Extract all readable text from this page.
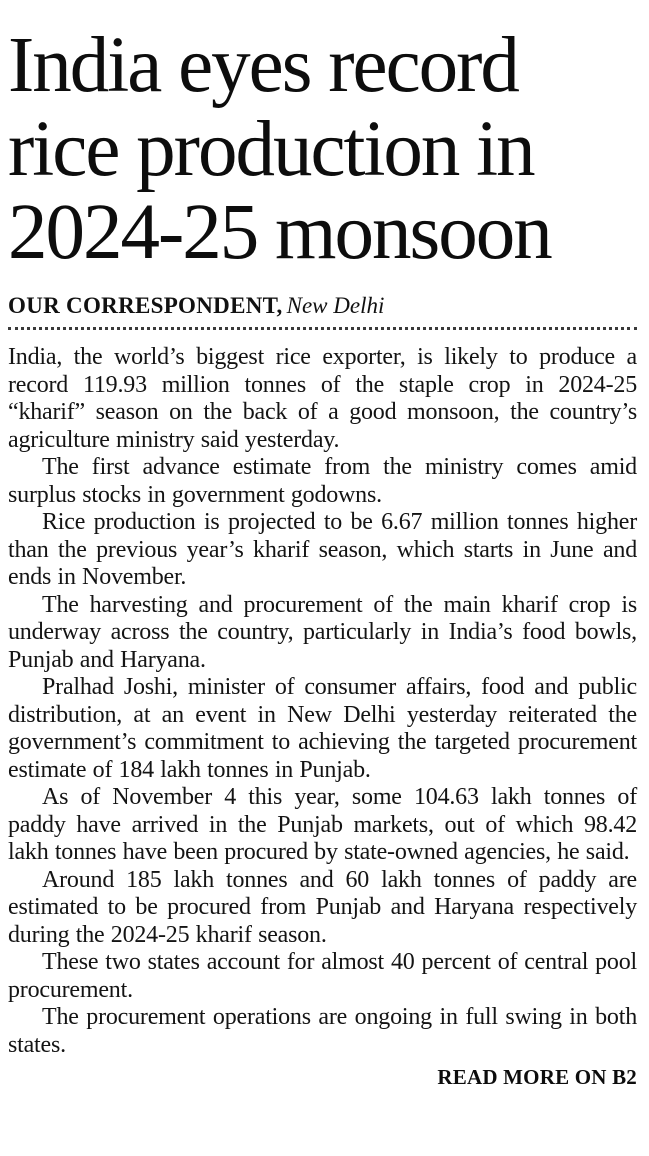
India eyes record rice production in 2024-25 monsoon
OUR CORRESPONDENT, New Delhi

India, the world’s biggest rice exporter, is likely to produce a record 119.93 million tonnes of the staple crop in 2024-25 “kharif” season on the back of a good monsoon, the country’s agriculture ministry said yesterday.

The first advance estimate from the ministry comes amid surplus stocks in government godowns.

Rice production is projected to be 6.67 million tonnes higher than the previous year’s kharif season, which starts in June and ends in November.

The harvesting and procurement of the main kharif crop is underway across the country, particularly in India’s food bowls, Punjab and Haryana.

Pralhad Joshi, minister of consumer affairs, food and public distribution, at an event in New Delhi yesterday reiterated the government’s commitment to achieving the targeted procurement estimate of 184 lakh tonnes in Punjab.

As of November 4 this year, some 104.63 lakh tonnes of paddy have arrived in the Punjab markets, out of which 98.42 lakh tonnes have been procured by state-owned agencies, he said.

Around 185 lakh tonnes and 60 lakh tonnes of paddy are estimated to be procured from Punjab and Haryana respectively during the 2024-25 kharif season.

These two states account for almost 40 percent of central pool procurement.

The procurement operations are ongoing in full swing in both states.

READ MORE ON B2
